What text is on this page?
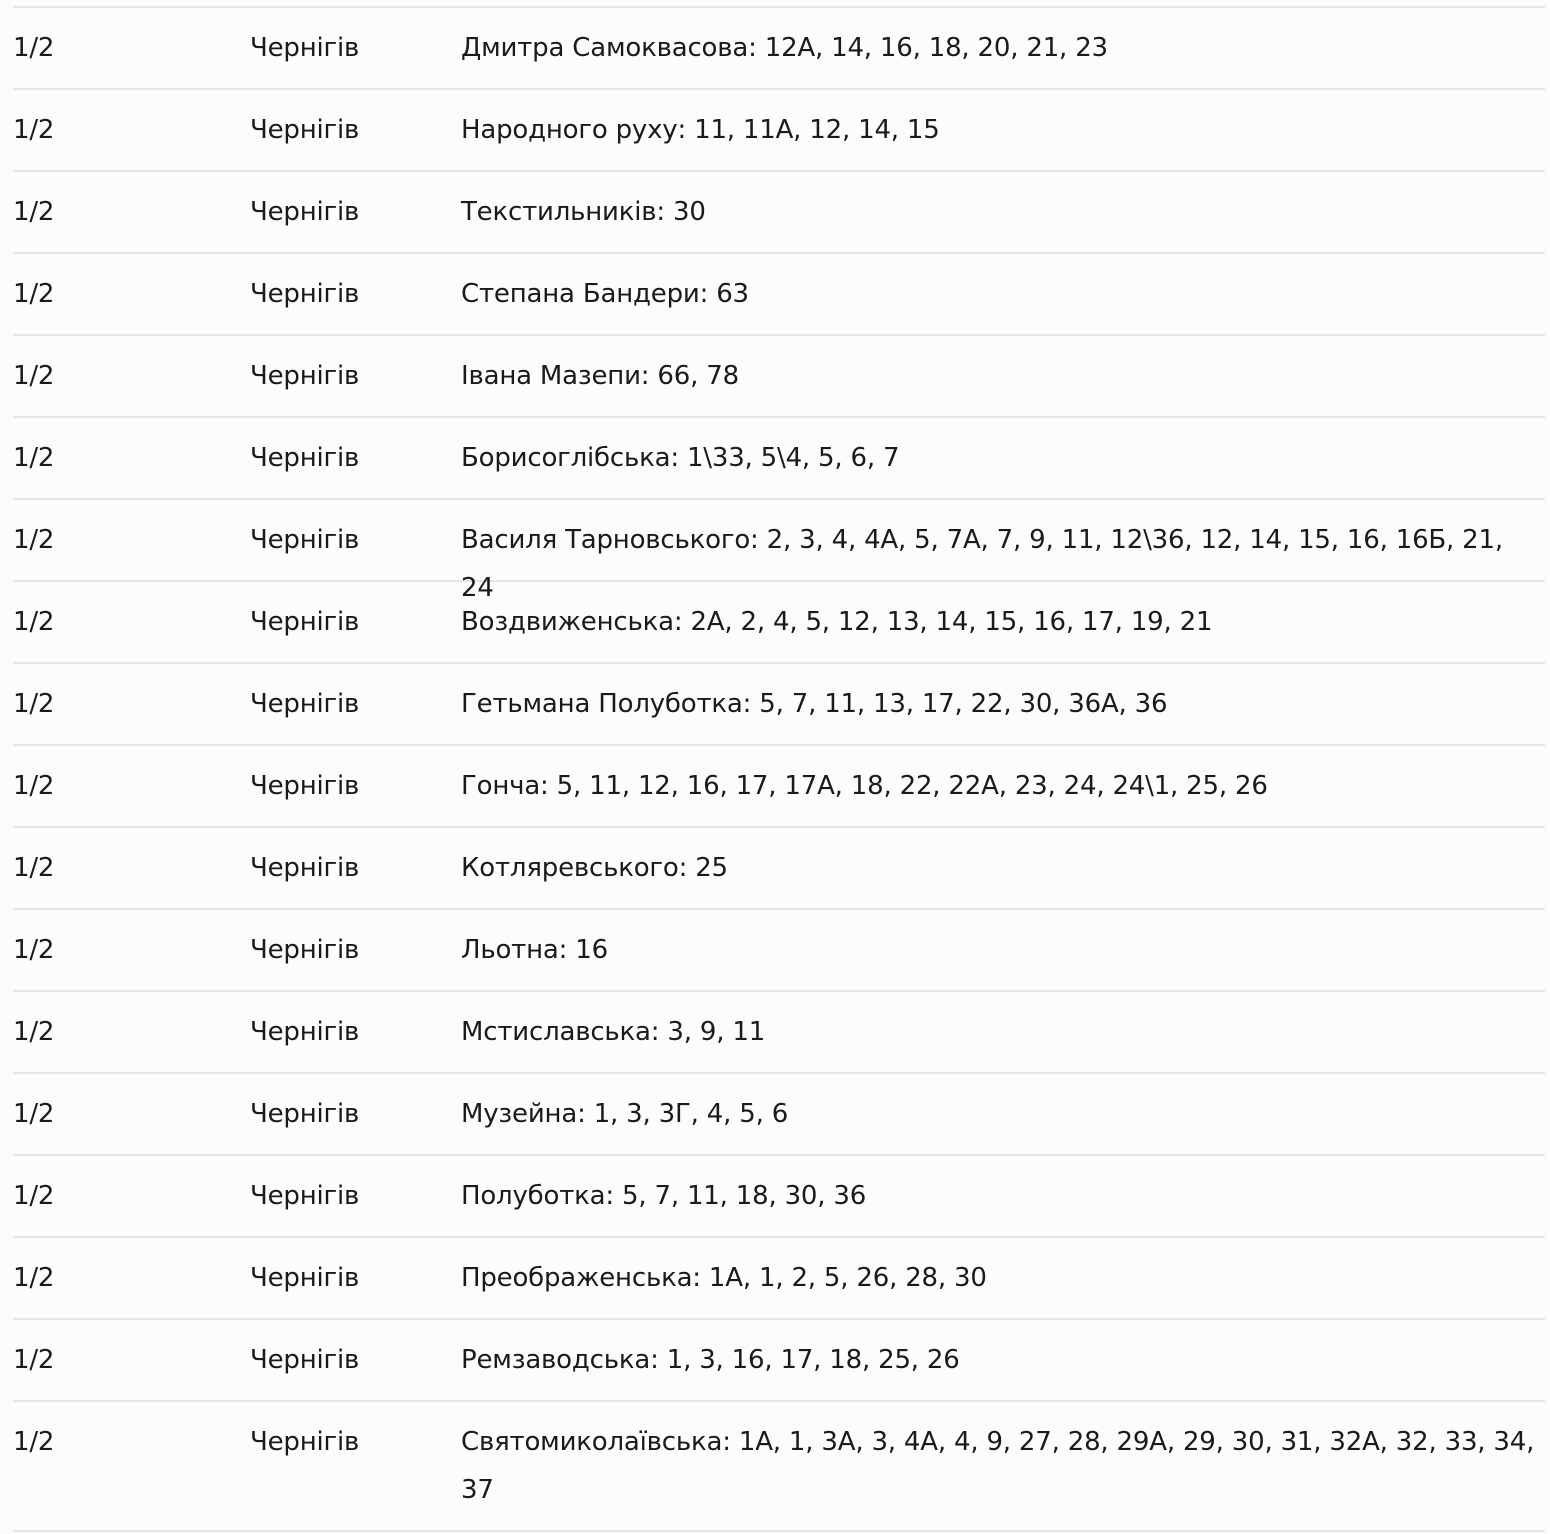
1/2	Чернігів	Дмитра Самоквасова: 12А, 14, 16, 18, 20, 21, 23
1/2	Чернігів	Народного руху: 11, 11А, 12, 14, 15
1/2	Чернігів	Текстильників: 30
1/2	Чернігів	Степана Бандери: 63
1/2	Чернігів	Івана Мазепи: 66, 78
1/2	Чернігів	Борисоглібська: 1\33, 5\4, 5, 6, 7
1/2	Чернігів	Василя Тарновського: 2, 3, 4, 4А, 5, 7А, 7, 9, 11, 12\36, 12, 14, 15, 16, 16Б, 21, 24
1/2	Чернігів	Воздвиженська: 2А, 2, 4, 5, 12, 13, 14, 15, 16, 17, 19, 21
1/2	Чернігів	Гетьмана Полуботка: 5, 7, 11, 13, 17, 22, 30, 36А, 36
1/2	Чернігів	Гонча: 5, 11, 12, 16, 17, 17А, 18, 22, 22А, 23, 24, 24\1, 25, 26
1/2	Чернігів	Котляревського: 25
1/2	Чернігів	Льотна: 16
1/2	Чернігів	Мстиславська: 3, 9, 11
1/2	Чернігів	Музейна: 1, 3, 3Г, 4, 5, 6
1/2	Чернігів	Полуботка: 5, 7, 11, 18, 30, 36
1/2	Чернігів	Преображенська: 1А, 1, 2, 5, 26, 28, 30
1/2	Чернігів	Ремзаводська: 1, 3, 16, 17, 18, 25, 26
1/2	Чернігів	Святомиколаївська: 1А, 1, 3А, 3, 4А, 4, 9, 27, 28, 29А, 29, 30, 31, 32А, 32, 33, 34, 37
